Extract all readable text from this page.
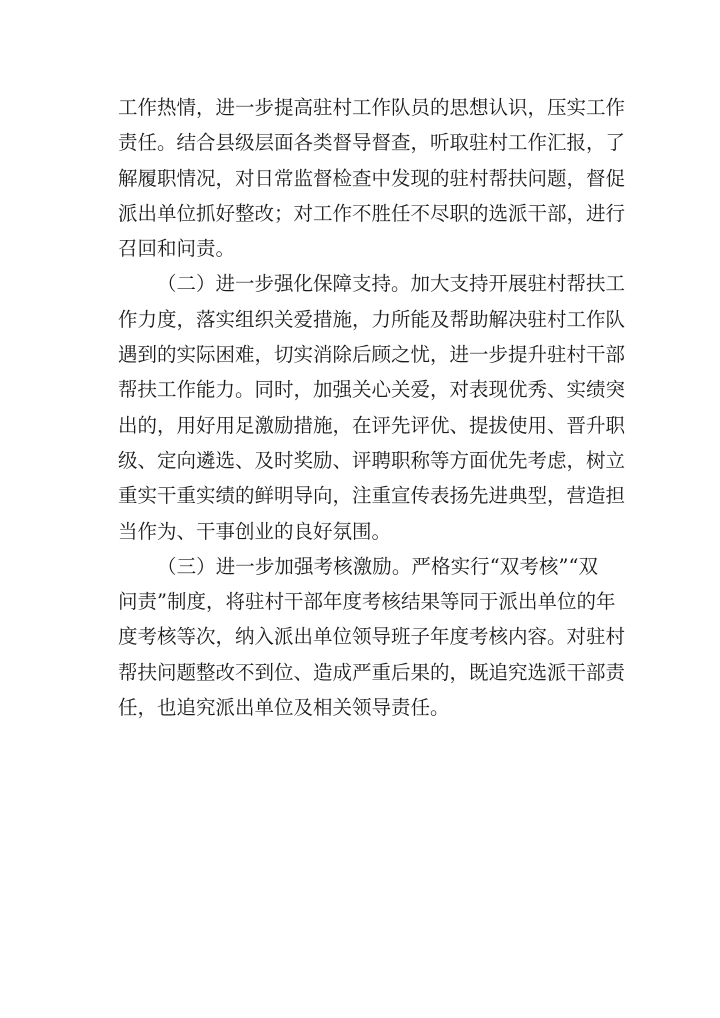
工作热情，进一步提高驻村工作队员的思想认识，压实工作
责任。结合县级层面各类督导督查，听取驻村工作汇报，了
解履职情况，对日常监督检查中发现的驻村帮扶问题，督促
派出单位抓好整改；对工作不胜任不尽职的选派干部，进行
召回和问责。
（二）进一步强化保障支持。加大支持开展驻村帮扶工
作力度，落实组织关爱措施，力所能及帮助解决驻村工作队
遇到的实际困难，切实消除后顾之忧，进一步提升驻村干部
帮扶工作能力。同时，加强关心关爱，对表现优秀、实绩突
出的，用好用足激励措施，在评先评优、提拔使用、晋升职
级、定向遴选、及时奖励、评聘职称等方面优先考虑，树立
重实干重实绩的鲜明导向，注重宣传表扬先进典型，营造担
当作为、干事创业的良好氛围。
（三）进一步加强考核激励。严格实行“双考核”“双
问责”制度，将驻村干部年度考核结果等同于派出单位的年
度考核等次，纳入派出单位领导班子年度考核内容。对驻村
帮扶问题整改不到位、造成严重后果的，既追究选派干部责
任，也追究派出单位及相关领导责任。
